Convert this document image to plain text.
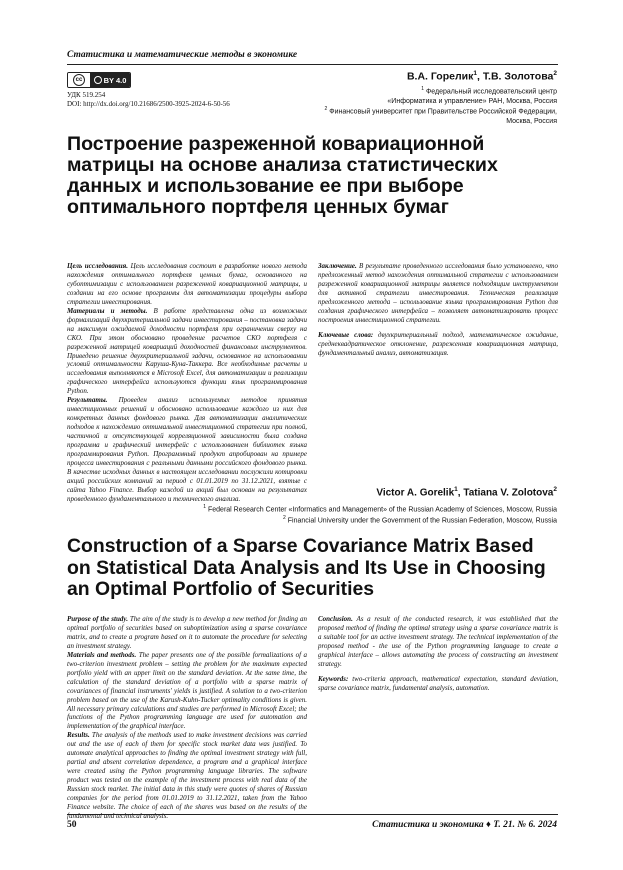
Статистика и математические методы в экономике
cc	BY 4.0
УДК 519.254
DOI: http://dx.doi.org/10.21686/2500-3925-2024-6-50-56
В.А. Горелик$^1$, Т.В. Золотова$^2$
$^1$ Федеральный исследовательский центр
«Информатика и управление» РАН, Москва, Россия
$^2$ Финансовый университет при Правительстве Российской Федерации,
Москва, Россия
Построение разреженной ковариационной матрицы на основе анализа статистических данных и использование ее при выборе оптимального портфеля ценных бумаг

Цель исследования. Цель исследования состоит в разработке нового метода нахождения оптимального портфеля ценных бумаг, основанного на субоптимизации с использованием разреженной ковариационной матрицы, и создании на его основе программы для автоматизации процедуры выбора стратегии инвестирования.

Материалы и методы. В работе представлена одна из возможных формализаций двухкритериальной задачи инвестирования – постановка задачи на максимум ожидаемой доходности портфеля при ограничении сверху на СКО. При этом обосновано проведение расчетов СКО портфеля с разреженной матрицей ковариаций доходностей финансовых инструментов. Приведено решение двухкритериальной задачи, основанное на использовании условий оптимальности Каруша-Куна-Таккера. Все необходимые расчеты и исследования выполняются в Microsoft Excel, для автоматизации и реализации графического интерфейса используются функции язык программирования Python.

Результаты. Проведен анализ используемых методов принятия инвестиционных решений и обосновано использование каждого из них для конкретных данных фондового рынка. Для автоматизации аналитических подходов к нахождению оптимальной инвестиционной стратегии при полной, частичной и отсутствующей корреляционной зависимости была создана программа и графический интерфейс с использованием библиотек языка программирования Python. Программный продукт апробирован на примере процесса инвестирования с реальными данными российского фондового рынка. В качестве исходных данных в настоящем исследовании послужили котировки акций российских компаний за период с 01.01.2019 по 31.12.2021, взятые с сайта Yahoo Finance. Выбор каждой из акций был основан на результатах проведенного фундаментального и технического анализа.

Заключение. В результате проведенного исследования было установлено, что предложенный метод нахождения оптимальной стратегии с использованием разреженной ковариационной матрицы является подходящим инструментом для активной стратегии инвестирования. Техническая реализация предложенного метода – использование языка программирования Python для создания графического интерфейса – позволяет автоматизировать процесс построения инвестиционной стратегии.

Ключевые слова: двухкритериальный подход, математическое ожидание, среднеквадратическое отклонение, разреженная ковариационная матрица, фундаментальный анализ, автоматизация.

Victor A. Gorelik$^1$, Tatiana V. Zolotova$^2$
$^1$ Federal Research Center «Informatics and Management» of the Russian Academy of Sciences, Moscow, Russia
$^2$ Financial University under the Government of the Russian Federation, Moscow, Russia
Construction of a Sparse Covariance Matrix Based on Statistical Data Analysis and Its Use in Choosing an Optimal Portfolio of Securities

Purpose of the study. The aim of the study is to develop a new method for finding an optimal portfolio of securities based on suboptimization using a sparse covariance matrix, and to create a program based on it to automate the procedure for selecting an investment strategy.

Materials and methods. The paper presents one of the possible formalizations of a two-criterion investment problem – setting the problem for the maximum expected portfolio yield with an upper limit on the standard deviation. At the same time, the calculation of the standard deviation of a portfolio with a sparse matrix of covariances of financial instruments' yields is justified. A solution to a two-criterion problem based on the use of the Karush-Kuhn-Tucker optimality conditions is given. All necessary primary calculations and studies are performed in Microsoft Excel; the functions of the Python programming language are used for automation and implementation of the graphical interface.

Results. The analysis of the methods used to make investment decisions was carried out and the use of each of them for specific stock market data was justified. To automate analytical approaches to finding the optimal investment strategy with full, partial and absent correlation dependence, a program and a graphical interface were created using the Python programming language libraries. The software product was tested on the example of the investment process with real data of the Russian stock market. The initial data in this study were quotes of shares of Russian companies for the period from 01.01.2019 to 31.12.2021, taken from the Yahoo Finance website. The choice of each of the shares was based on the results of the fundamental and technical analysis.

Conclusion. As a result of the conducted research, it was established that the proposed method of finding the optimal strategy using a sparse covariance matrix is a suitable tool for an active investment strategy. The technical implementation of the proposed method - the use of the Python programming language to create a graphical interface – allows automating the process of constructing an investment strategy.

Keywords: two-criteria approach, mathematical expectation, standard deviation, sparse covariance matrix, fundamental analysis, automation.

50	Статистика и экономика ♦ Т. 21. № 6. 2024
